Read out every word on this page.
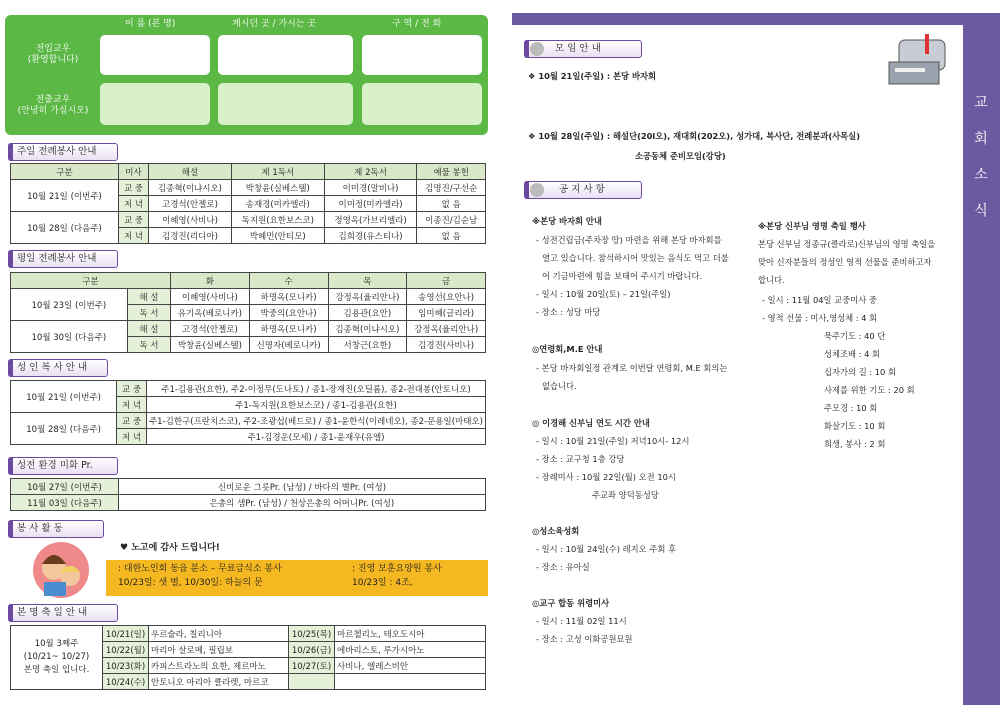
이 름 (본 명)	계시던 곳 / 가시는 곳	구 역 / 전 화
전입교우
(환영합니다)
전출교우
(안녕히 가십시오)
주일 전례봉사 안내
구분	미사	해설	제 1독서	제 2독서	예물 봉헌
10월 21일 (이번주)	교 중	김종혁(이냐시오)	박창윤(실베스텔)	이미경(말비나)	김명진/구선순
	저 녁	고경석(안젤로)	송재경(미카엘라)	이미정(미카엘라)	없 음
10월 28일 (다음주)	교 중	이혜영(사비나)	독지원(요한보스코)	정영옥(가브리엘라)	이종진/김순남
	저 녁	김경진(리디아)	박혜민(안티모)	김희경(유스티나)	없 음
평일 전례봉사 안내
구분		화	수	목	금
10월 23일 (이번주)	해 설	이혜영(사비나)	하명옥(모니카)	강정옥(율리안나)	송영선(요안나)
	독 서	유기옥(베로니카)	박중의(요안나)	김용관(요안)	임미혜(글리라)
10월 30일 (다음주)	해 설	고경석(안젤로)	하명옥(모니카)	김종혁(이냐시오)	강정옥(율리안나)
	독 서	박창윤(실베스텔)	신명자(베로니카)	서창근(요한)	김경진(사비나)
성 인 복 사 안 내
10월 21일 (이번주)	교 중	주1-김용관(요한), 주2-이정무(도나토) / 종1-장재진(오딜롬), 종2-전대봉(안토니오)
	저 녁	주1-독지원(요한보스코) / 종1-김용관(요한)
10월 28일 (다음주)	교 중	주1-김한구(프란치스코), 주2-조광섭(베드로) / 종1-윤한식(이레네오), 종2-문용일(마태오)
	저 녁	주1-김경운(모세) / 종1-윤재우(유엘)
성전 환경 미화 Pr.
10월 27일 (이번주)	신비로운 그릇Pr. (남성) / 바다의 별Pr. (여성)
11월 03일 (다음주)	은총의 샘Pr. (남성) / 천상은총의 어머니Pr. (여성)
봉 사 활 동
♥ 노고에 감사 드립니다!
: 대한노인회 동읍 분소 – 무료급식소 봉사
10/23일: 샛 별, 10/30일: 하늘의 문
: 진영 보훈요양원 봉사
10/23일 : 4조,
본 명 축 일 안 내
10월 3째주
(10/21~ 10/27)
본명 축일 입니다.	10/21(일)	우르술라, 칠리니아	10/25(목)	마르첼리노, 테오도시아
	10/22(월)	마리아 살로메, 필립보	10/26(금)	에바리스토, 루가시아노
	10/23(화)	카피스트라노의 요한, 제르마노	10/27(토)	사비나, 엘레스비안
	10/24(수)	안토니오 마리아 클라렛, 마르코		
교 회 소 식
모 임 안 내
❖ 10월 21일(주일) : 본당 바자회
❖ 10월 28일(주일) : 해설단(20l오), 재대회(202오), 성가대, 복사단, 전례분과(사목실)
소공동체 준비모임(강당)
공 지 사 항
※본당 바자회 안내
- 성전건립금(주차장 땅) 마련을 위해 본당 바자회를
열고 있습니다. 참석하시어 맛있는 음식도 먹고 더불
어 기금마련에 힘을 보태어 주시기 바랍니다.
- 일시 : 10월 20일(토) – 21일(주일)
- 장소 : 성당 마당
◎연령회,M.E 안내
- 본당 바자회일정 관계로 이번달 연령회, M.E 회의는
없습니다.
◎ 이경해 신부님 연도 시간 안내
- 일시 : 10월 21일(주일) 저녁10시- 12시
- 장소 : 교구청 1층 강당
- 장례미사 : 10월 22일(월) 오전 10시
주교좌 양덕동성당
◎성소육성회
- 일시 : 10월 24일(수) 레지오 주회 후
- 장소 : 유아실
◎교구 합동 위령미사
- 일시 : 11월 02일 11시
- 장소 : 고성 이화공원묘원
※본당 신부님 영명 축일 행사
본당 신부님 정종규(클라로)신부님의 영명 축일을
맞아 신자분들의 정성인 영적 선물을 준비하고자
합니다.
- 일시 : 11월 04일 교중미사 중
- 영적 선물 : 미사,영성체 : 4 회
묵주기도 : 40 단
성체조배 : 4 회
십자가의 길 : 10 회
사제를 위한 기도 : 20 회
주모경 : 10 회
화살기도 : 10 회
희생, 봉사 : 2 회
